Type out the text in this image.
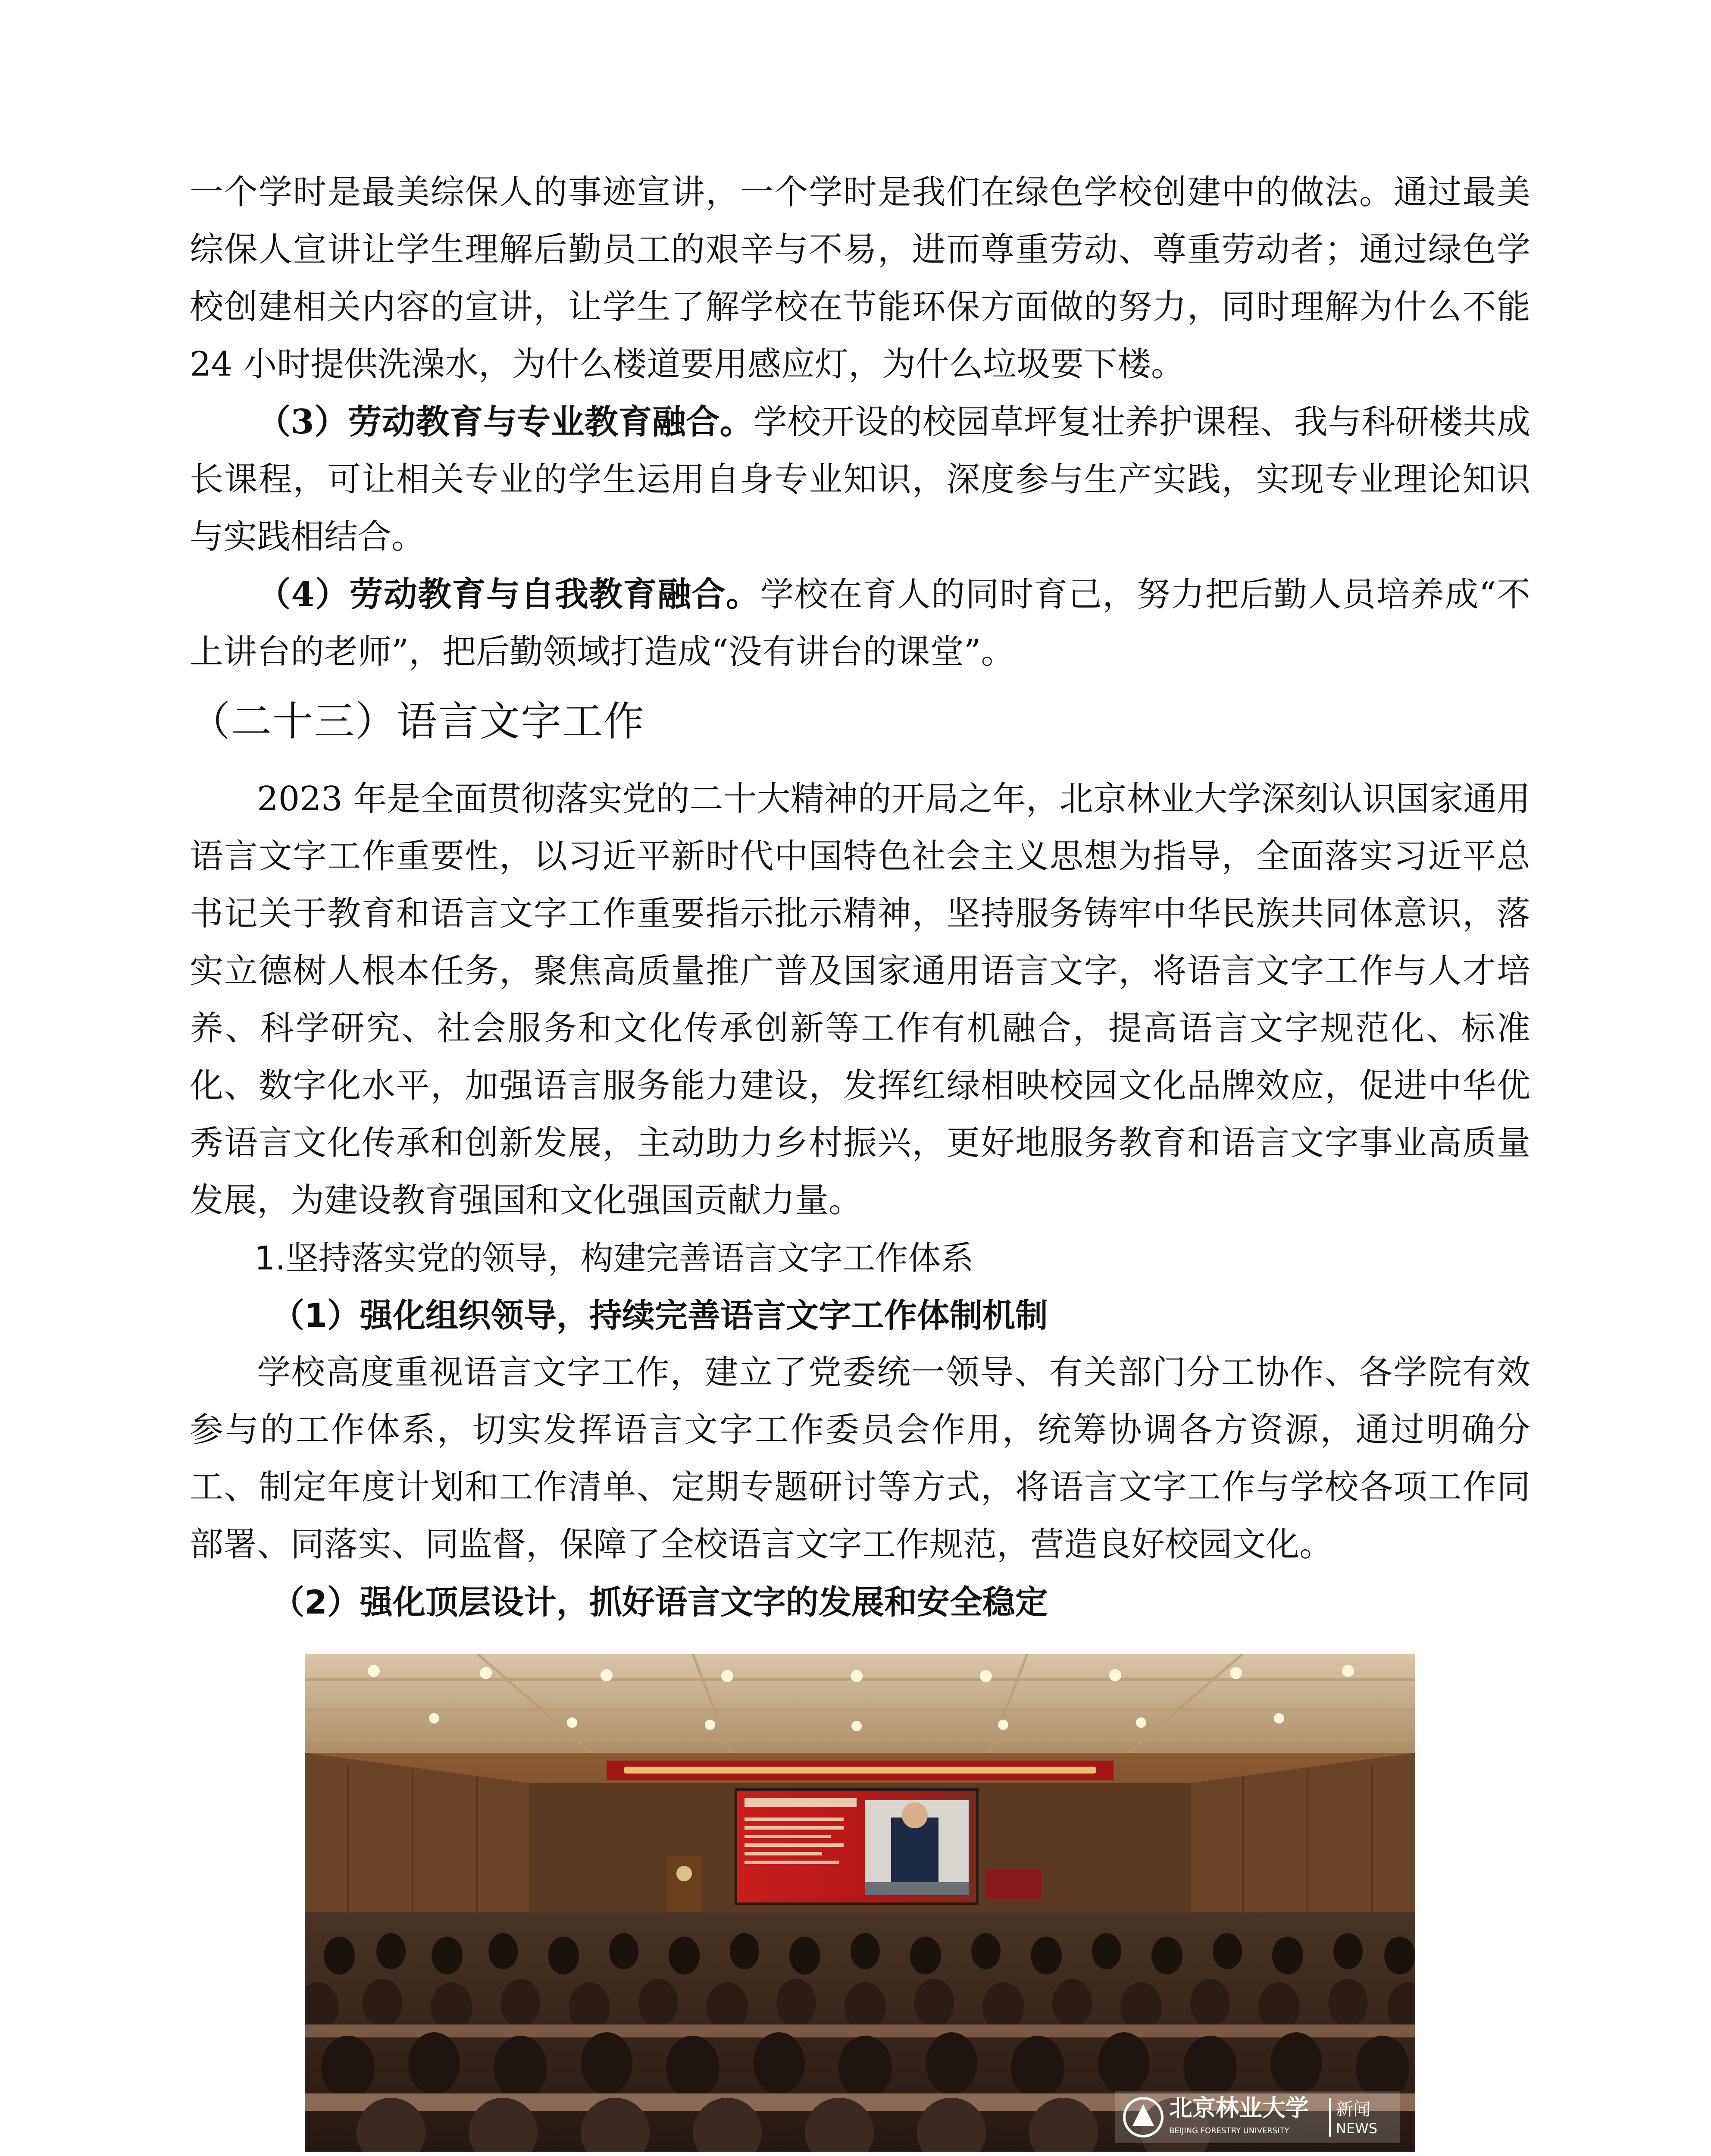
一个学时是最美综保人的事迹宣讲，一个学时是我们在绿色学校创建中的做法。通过最美综保人宣讲让学生理解后勤员工的艰辛与不易，进而尊重劳动、尊重劳动者；通过绿色学校创建相关内容的宣讲，让学生了解学校在节能环保方面做的努力，同时理解为什么不能24 小时提供洗澡水，为什么楼道要用感应灯，为什么垃圾要下楼。

（3）劳动教育与专业教育融合。学校开设的校园草坪复壮养护课程、我与科研楼共成长课程，可让相关专业的学生运用自身专业知识，深度参与生产实践，实现专业理论知识与实践相结合。

（4）劳动教育与自我教育融合。学校在育人的同时育己，努力把后勤人员培养成“不上讲台的老师”，把后勤领域打造成“没有讲台的课堂”。

（二十三）语言文字工作

2023 年是全面贯彻落实党的二十大精神的开局之年，北京林业大学深刻认识国家通用语言文字工作重要性，以习近平新时代中国特色社会主义思想为指导，全面落实习近平总书记关于教育和语言文字工作重要指示批示精神，坚持服务铸牢中华民族共同体意识，落实立德树人根本任务，聚焦高质量推广普及国家通用语言文字，将语言文字工作与人才培养、科学研究、社会服务和文化传承创新等工作有机融合，提高语言文字规范化、标准化、数字化水平，加强语言服务能力建设，发挥红绿相映校园文化品牌效应，促进中华优秀语言文化传承和创新发展，主动助力乡村振兴，更好地服务教育和语言文字事业高质量发展，为建设教育强国和文化强国贡献力量。

1.坚持落实党的领导，构建完善语言文字工作体系

（1）强化组织领导，持续完善语言文字工作体制机制

学校高度重视语言文字工作，建立了党委统一领导、有关部门分工协作、各学院有效参与的工作体系，切实发挥语言文字工作委员会作用，统筹协调各方资源，通过明确分工、制定年度计划和工作清单、定期专题研讨等方式，将语言文字工作与学校各项工作同部署、同落实、同监督，保障了全校语言文字工作规范，营造良好校园文化。

（2）强化顶层设计，抓好语言文字的发展和安全稳定

北京林业大学
BEIJING FORESTRY UNIVERSITY
新闻
NEWS
